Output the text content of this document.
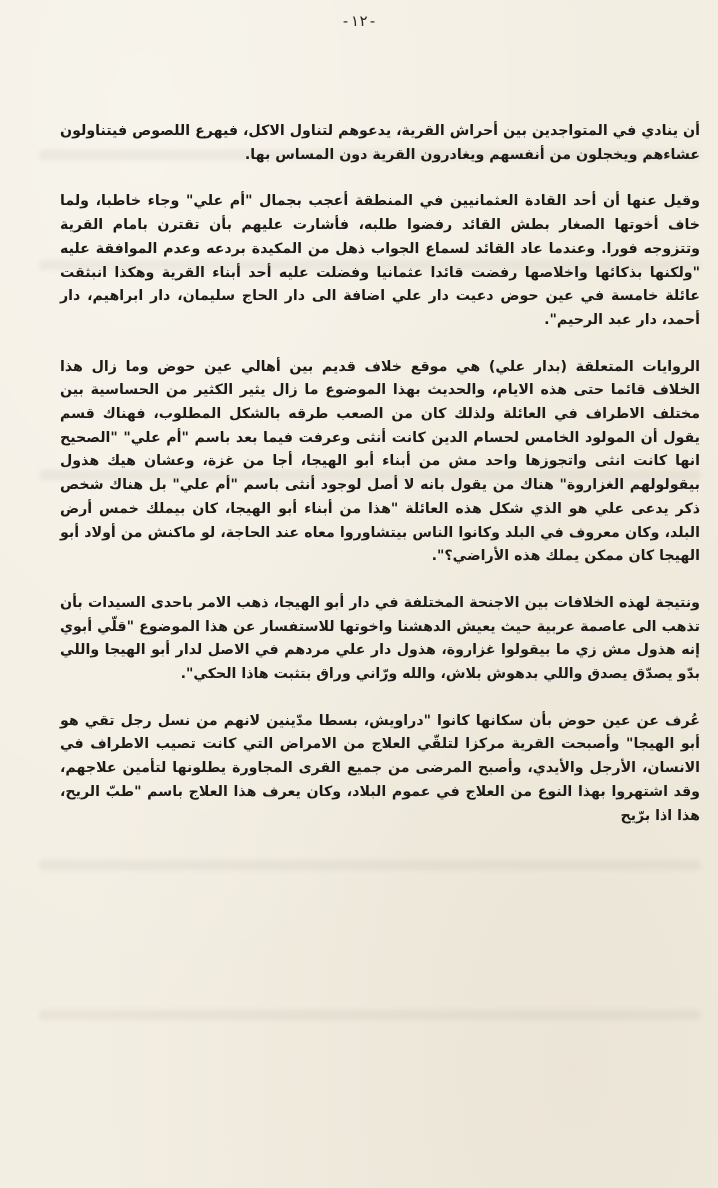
-١٢-

أن ينادي في المتواجدين بين أحراش القرية، يدعوهم لتناول الاكل، فيهرع اللصوص فيتناولون عشاءهم ويخجلون من أنفسهم ويغادرون القرية دون المساس بها.

وقيل عنها أن أحد القادة العثمانيين في المنطقة أعجب بجمال "أم علي" وجاء خاطبا، ولما خاف أخوتها الصغار بطش القائد رفضوا طلبه، فأشارت عليهم بأن تقترن بامام القرية وتتزوجه فورا. وعندما عاد القائد لسماع الجواب ذهل من المكيدة بردعه وعدم الموافقة عليه "ولكنها بذكائها واخلاصها رفضت قائدا عثمانيا وفضلت عليه أحد أبناء القرية وهكذا انبثقت عائلة خامسة في عين حوض دعيت دار علي اضافة الى دار الحاج سليمان، دار ابراهيم، دار أحمد، دار عبد الرحيم".

الروايات المتعلقة (بدار علي) هي موقع خلاف قديم بين أهالي عين حوض وما زال هذا الخلاف قائما حتى هذه الايام، والحديث بهذا الموضوع ما زال يثير الكثير من الحساسية بين مختلف الاطراف في العائلة ولذلك كان من الصعب طرقه بالشكل المطلوب، فهناك قسم يقول أن المولود الخامس لحسام الدين كانت أنثى وعرفت فيما بعد باسم "أم علي" "الصحيح انها كانت انثى واتجوزها واحد مش من أبناء أبو الهيجا، أجا من غزة، وعشان هيك هذول بيقولولهم الغزاروة" هناك من يقول بانه لا أصل لوجود أنثى باسم "أم علي" بل هناك شخص ذكر يدعى علي هو الذي شكل هذه العائلة "هذا من أبناء أبو الهيجا، كان بيملك خمس أرض البلد، وكان معروف في البلد وكانوا الناس بيتشاوروا معاه عند الحاجة، لو ماكنش من أولاد أبو الهيجا كان ممكن يملك هذه الأراضي؟".

ونتيجة لهذه الخلافات بين الاجنحة المختلفة في دار أبو الهيجا، ذهب الامر باحدى السيدات بأن تذهب الى عاصمة عربية حيث يعيش الدهشنا واخوتها للاستفسار عن هذا الموضوع "قلّي أبوي إنه هذول مش زي ما بيقولوا غزاروة، هذول دار علي مردهم في الاصل لدار أبو الهيجا واللي بدّو يصدّق يصدق واللي بدهوش بلاش، والله ورّاني وراق بتثبت هاذا الحكي".

عُرف عن عين حوض بأن سكانها كانوا "دراويش، بسطا مدّينين لانهم من نسل رجل تقي هو أبو الهيجا" وأصبحت القرية مركزا لتلقّي العلاج من الامراض التي كانت تصيب الاطراف في الانسان، الأرجل والأيدي، وأصبح المرضى من جميع القرى المجاورة يطلونها لتأمين علاجهم، وقد اشتهروا بهذا النوع من العلاج في عموم البلاد، وكان يعرف هذا العلاج باسم "طبّ الريح، هذا اذا برّيح
